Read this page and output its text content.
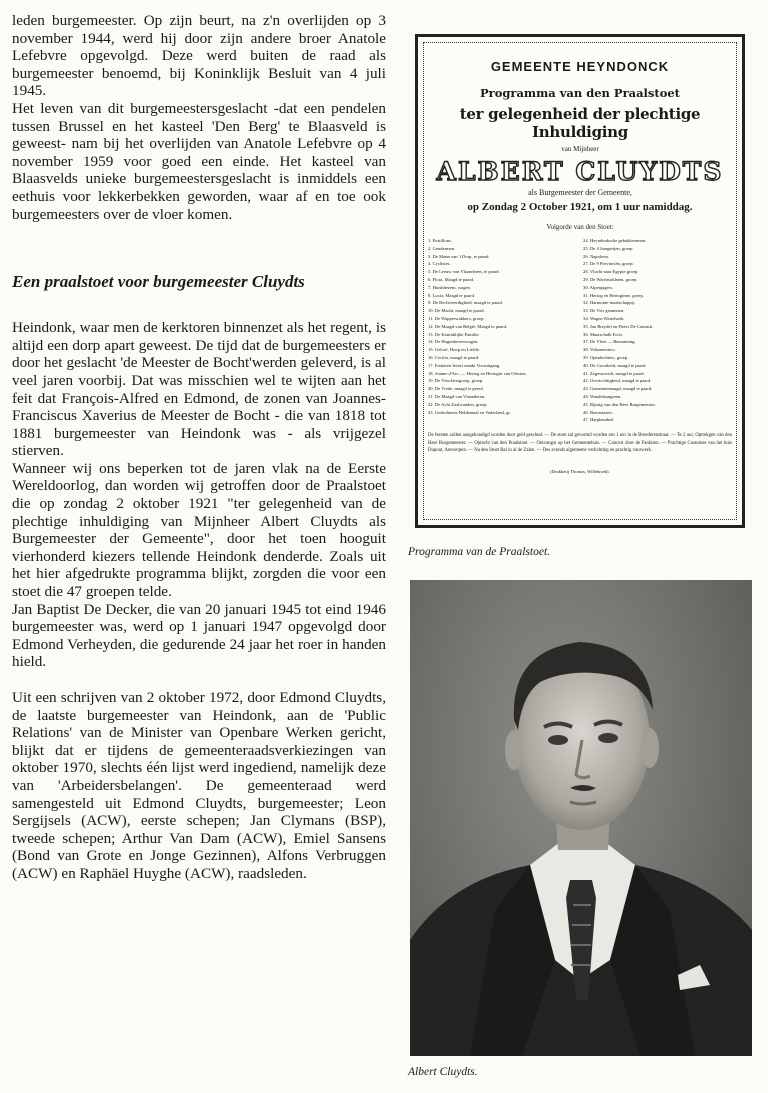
leden burgemeester. Op zijn beurt, na z'n overlijden op 3 november 1944, werd hij door zijn andere broer Anatole Lefebvre opgevolgd. Deze werd buiten de raad als burgemeester benoemd, bij Koninklijk Besluit van 4 juli 1945.

Het leven van dit burgemeestersgeslacht -dat een pendelen tussen Brussel en het kasteel 'Den Berg' te Blaasveld is geweest- nam bij het overlijden van Anatole Lefebvre op 4 november 1959 voor goed een einde. Het kasteel van Blaasvelds unieke burgemeestersgeslacht is inmiddels een eethuis voor lekkerbekken geworden, waar af en toe ook burgemeesters over de vloer komen.

Een praalstoet voor burgemeester Cluydts

Heindonk, waar men de kerktoren binnenzet als het regent, is altijd een dorp apart geweest. De tijd dat de burgemeesters er door het geslacht 'de Meester de Bocht'werden geleverd, is al veel jaren voorbij. Dat was misschien wel te wijten aan het feit dat François-Alfred en Edmond, de zonen van Joannes-Franciscus Xaverius de Meester de Bocht - die van 1818 tot 1881 burgemeester van Heindonk was - als vrijgezel stierven.

Wanneer wij ons beperken tot de jaren vlak na de Eerste Wereldoorlog, dan worden wij getroffen door de Praalstoet die op zondag 2 oktober 1921 "ter gelegenheid van de plechtige inhuldiging van Mijnheer Albert Cluydts als Burgemeester der Gemeente", door het toen hooguit vierhonderd kiezers tellende Heindonk denderde. Zoals uit het hier afgedrukte programma blijkt, zorgden die voor een stoet die 47 groepen telde.

Jan Baptist De Decker, die van 20 januari 1945 tot eind 1946 burgemeester was, werd op 1 januari 1947 opgevolgd door Edmond Verheyden, die gedurende 24 jaar het roer in handen hield.

Uit een schrijven van 2 oktober 1972, door Edmond Cluydts, de laatste burgemeester van Heindonk, aan de 'Public Relations' van de Minister van Openbare Werken gericht, blijkt dat er tijdens de gemeenteraadsverkiezingen van oktober 1970, slechts één lijst werd ingediend, namelijk deze van 'Arbeidersbelangen'. De gemeenteraad werd samengesteld uit Edmond Cluydts, burgemeester; Leon Sergijsels (ACW), eerste schepen; Jan Clymans (BSP), tweede schepen; Arthur Van Dam (ACW), Emiel Sansens (Bond van Grote en Jonge Gezinnen), Alfons Verbruggen (ACW) en Raphäel Huyghe (ACW), raadsleden.

GEMEENTE HEYNDONCK
Programma van den Praalstoet
ter gelegenheid der plechtige Inhuldiging
van Mijnheer
ALBERT CLUYDTS
als Burgemeester der Gemeente,
op Zondag 2 October 1921, om 1 uur namiddag.
Volgorde van den Stoet:
1. Postillons.
2. Gendarmen.
3. De Mann van 't Dorp, te paard.
4. Cyclistes.
5. De Leeuw van Vlaanderen, te paard.
6. Flora, Maagd te paard.
7. Huishbezem, wagen.
8. Lucia, Maagd te paard.
9. De Rechtveerdigheid, maagd te paard.
10. De Macht, maagd te paard.
11. De Wapperwakkers, groep.
12. De Maagd van België, Maagd te paard.
13. De Koninklijke Familie.
14. De Hugenbroerswagen.
15. Geloof, Hoop en Liefde.
16. Cecilia, maagd te paard.
17. Fanfaren Ievert maakt Vooruitgang.
18. Jeanne d'Arc, — Hertog en Hertogin van Orleans.
19. De Visschersgroep, groep.
20. De Vrede, maagd te peerd.
21. De Maagd van Vlaanderen.
22. De Acht Zaalwanden, groep.
23. Gedachtenis Heldentaal en Vaderland, gr.
24. Heyndonksche gebakkeramen.
25. De 4 Jaargetijen, groep.
26. Napoleon.
27. De 9 Provinciën, groep.
28. Vlucht naar Egypte groep.
29. De Wachtsoldaten, groep.
30. Alpenjagers.
31. Hertog en Hertoginne, groep.
32. Harmonie-maatschappij.
33. De Vier getanssen.
34. Wagen Waterhoek.
35. Jan Breydel en Pieter De Coninck.
36. Maarschalk Foch.
37. De Vleet — Bemanning.
38. Volumeesters.
39. Openluchters, groep.
40. De Grootheid, maagd te paard.
41. Zegewerrich, maagd te paard.
42. Overtochtigheid, maagd te paard.
43. Gemeentemaagd, maagd te paard.
44. Wandelzangeren.
45. Rijtuig van den Heer Burgemeester.
46. Boerenazen.
47. Harpbandeel.
De feesten zullen aangekondigd worden door geld geschud. — De stoet zal gevormd worden om 1 uur in de Broederenstraat. — Te 2 uur, Optrekgen van den Heer Burgemeester. — Optocht van den Praalstoet. — Ontvangst op het Gemeentehuis. — Concert door de Fanfaren. — Prachtige Costumes van het huis Dupont, Antwerpen. — Na den Stoet Bal in al de Zalen. — Des avonds algemeene verlichting en prachtig vuurwerk.
(Drukkerij Thomas, Willebroek).
Programma van de Praalstoet.
Albert Cluydts.
